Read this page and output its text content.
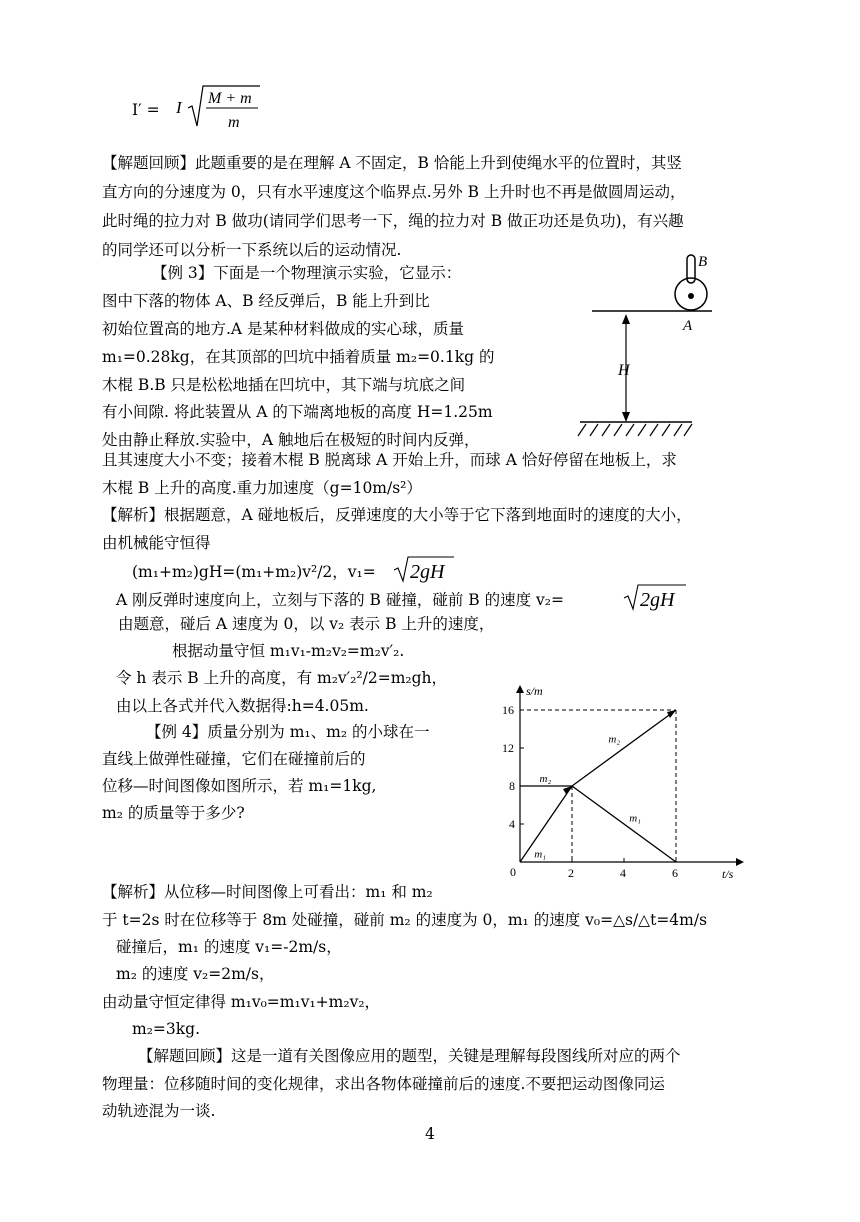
I′ = I M + m
m
【解题回顾】此题重要的是在理解 A 不固定，B 恰能上升到使绳水平的位置时，其竖
直方向的分速度为 0，只有水平速度这个临界点.另外 B 上升时也不再是做圆周运动，
此时绳的拉力对 B 做功(请同学们思考一下，绳的拉力对 B 做正功还是负功)，有兴趣
的同学还可以分析一下系统以后的运动情况.
【例 3】下面是一个物理演示实验，它显示：
图中下落的物体 A、B 经反弹后，B 能上升到比
初始位置高的地方.A 是某种材料做成的实心球，质量
m₁=0.28kg，在其顶部的凹坑中插着质量 m₂=0.1kg 的
木棍 B.B 只是松松地插在凹坑中，其下端与坑底之间
有小间隙. 将此装置从 A 的下端离地板的高度 H=1.25m
处由静止释放.实验中，A 触地后在极短的时间内反弹，
且其速度大小不变；接着木棍 B 脱离球 A 开始上升，而球 A 恰好停留在地板上，求
木棍 B 上升的高度.重力加速度（g=10m/s²）
B
A
H
【解析】根据题意，A 碰地板后，反弹速度的大小等于它下落到地面时的速度的大小，
由机械能守恒得
(m₁+m₂)gH=(m₁+m₂)v²/2，v₁= 2gH
A 刚反弹时速度向上，立刻与下落的 B 碰撞，碰前 B 的速度 v₂=	2gH
由题意，碰后 A 速度为 0，以 v₂ 表示 B 上升的速度，
根据动量守恒 m₁v₁-m₂v₂=m₂v′₂.
令 h 表示 B 上升的高度，有 m₂v′₂²/2=m₂gh，
由以上各式并代入数据得:h=4.05m.
【例 4】质量分别为 m₁、m₂ 的小球在一
直线上做弹性碰撞，它们在碰撞前后的
位移—时间图像如图所示，若 m₁=1kg,
m₂ 的质量等于多少?
0	2	4	6
4
8
12
16
s/m
t/s
m₂
m₂
m₁
m₁
【解析】从位移—时间图像上可看出：m₁ 和 m₂
于 t=2s 时在位移等于 8m 处碰撞，碰前 m₂ 的速度为 0，m₁ 的速度 v₀=△s/△t=4m/s
碰撞后，m₁ 的速度 v₁=-2m/s，
m₂ 的速度 v₂=2m/s，
由动量守恒定律得 m₁v₀=m₁v₁+m₂v₂，
m₂=3kg.
【解题回顾】这是一道有关图像应用的题型，关键是理解每段图线所对应的两个
物理量：位移随时间的变化规律，求出各物体碰撞前后的速度.不要把运动图像同运
动轨迹混为一谈.
4
